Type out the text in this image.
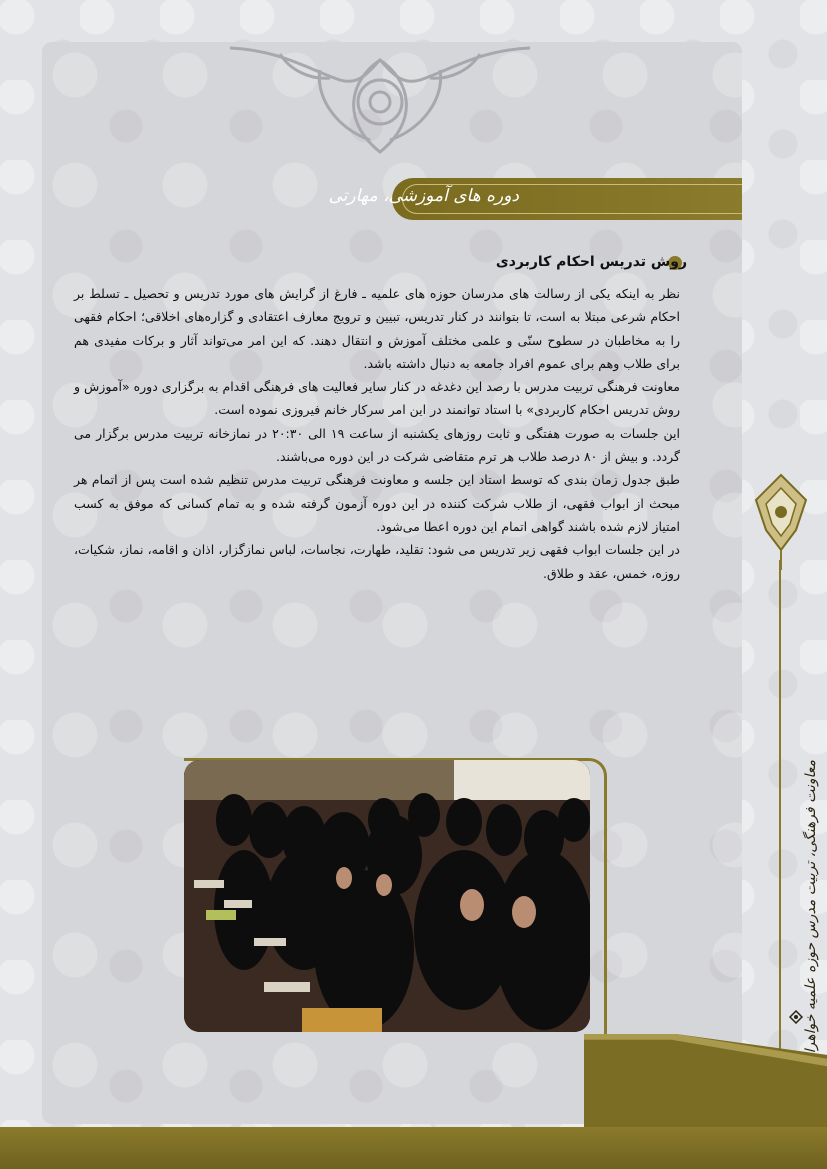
دوره های آموزشی، مهارتی
روش تدریس احکام کاربردی

نظر به اینکه یکی از رسالت های مدرسان حوزه های علمیه ـ فارغ از گرایش های مورد تدریس و تحصیل ـ تسلط بر احکام شرعی مبتلا به است، تا بتوانند در کنار تدریس، تبیین و ترویج معارف اعتقادی و گزاره‌های اخلاقی؛ احکام فقهی را به مخاطبان در سطوح سنّی و علمی مختلف آموزش و انتقال دهند. که این امر می‌تواند آثار و برکات مفیدی هم برای طلاب وهم برای عموم افراد جامعه به دنبال داشته باشد.

معاونت فرهنگی تربیت مدرس با رصد این دغدغه در کنار سایر فعالیت های فرهنگی اقدام به برگزاری دوره «آموزش و روش تدریس احکام کاربردی» با استاد توانمند در این امر سرکار خانم فیروزی نموده است.

این جلسات به صورت هفتگی و ثابت روزهای یکشنبه از ساعت ۱۹ الی ۲۰:۳۰ در نمازخانه تربیت مدرس برگزار می گردد. و بیش از ۸۰ درصد طلاب هر ترم متقاضی شرکت در این دوره می‌باشند.

طبق جدول زمان بندی که توسط استاد این جلسه و معاونت فرهنگی تربیت مدرس تنظیم شده است پس از اتمام هر مبحث از ابواب فقهی، از طلاب شرکت کننده در این دوره آزمون گرفته شده و به تمام کسانی که موفق به کسب امتیاز لازم شده باشند گواهی اتمام این دوره اعطا می‌شود.

در این جلسات ابواب فقهی زیر تدریس می شود: تقلید، طهارت، نجاسات، لباس نمازگزار، اذان و اقامه، نماز، شکیات، روزه، خمس، عقد و طلاق.

معاونت فرهنگی، تربیت مدرس حوزه علمیه خواهران
